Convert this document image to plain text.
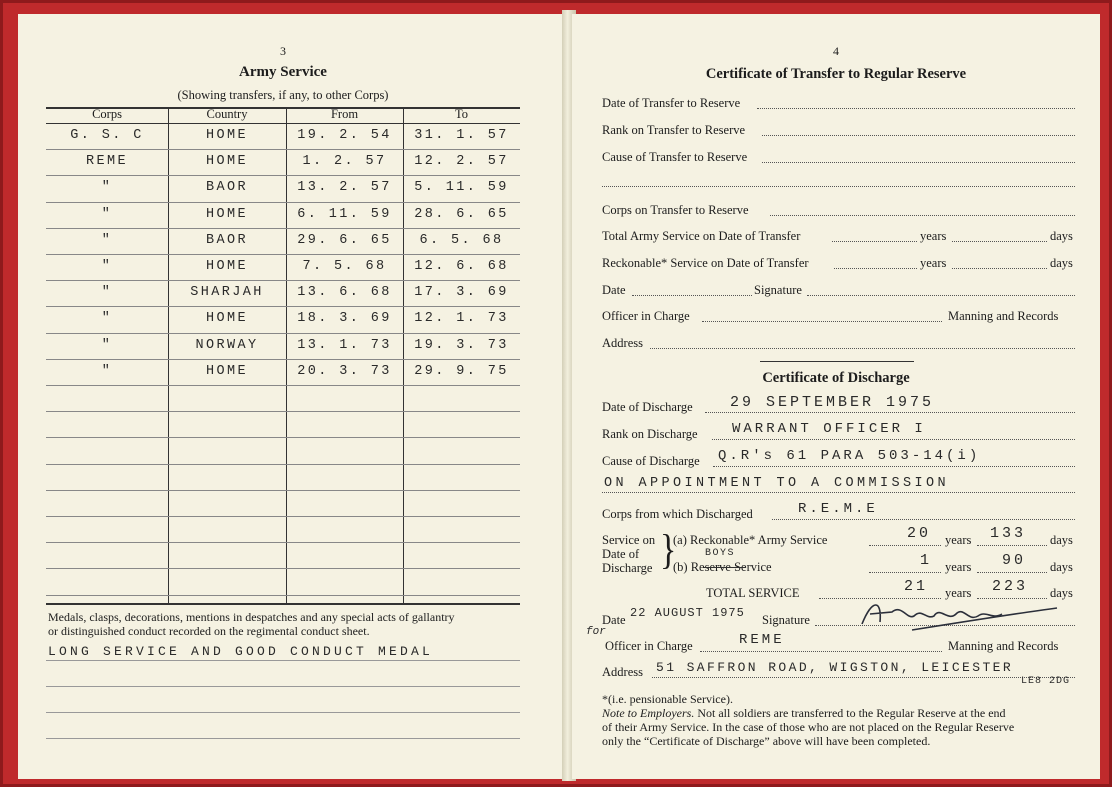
3
Army Service
(Showing transfers, if any, to other Corps)
Corps	Country	From	To
G. S. C	HOME	19. 2. 54	31. 1. 57
REME	HOME	1. 2. 57	12. 2. 57
"	BAOR	13. 2. 57	5. 11. 59
"	HOME	6. 11. 59	28. 6. 65
"	BAOR	29. 6. 65	6. 5. 68
"	HOME	7. 5. 68	12. 6. 68
"	SHARJAH	13. 6. 68	17. 3. 69
"	HOME	18. 3. 69	12. 1. 73
"	NORWAY	13. 1. 73	19. 3. 73
"	HOME	20. 3. 73	29. 9. 75
Medals, clasps, decorations, mentions in despatches and any special acts of gallantry
or distinguished conduct recorded on the regimental conduct sheet.
LONG SERVICE AND GOOD CONDUCT MEDAL
4
Certificate of Transfer to Regular Reserve
Date of Transfer to Reserve
Rank on Transfer to Reserve
Cause of Transfer to Reserve
Corps on Transfer to Reserve
Total Army Service on Date of Transfer	years	days
Reckonable* Service on Date of Transfer	years	days
Date	Signature
Officer in Charge	Manning and Records
Address
Certificate of Discharge
Date of Discharge 29 SEPTEMBER 1975
Rank on Discharge WARRANT OFFICER I
Cause of Discharge Q.R's 61 PARA 503-14(i)
ON APPOINTMENT TO A COMMISSION
Corps from which Discharged	R.E.M.E
Service on
Date of
Discharge }
(a) Reckonable* Army Service	20 years 133 days
BOYS
(b) Reserve Service	1 years 90 days
TOTAL SERVICE	21 years 223 days
Date 22 AUGUST 1975 Signature
for
Officer in Charge	REME	Manning and Records
Address 51 SAFFRON ROAD, WIGSTON, LEICESTER
LE8 2DG
*(i.e. pensionable Service).
Note to Employers. Not all soldiers are transferred to the Regular Reserve at the end
of their Army Service. In the case of those who are not placed on the Regular Reserve
only the “Certificate of Discharge” above will have been completed.
